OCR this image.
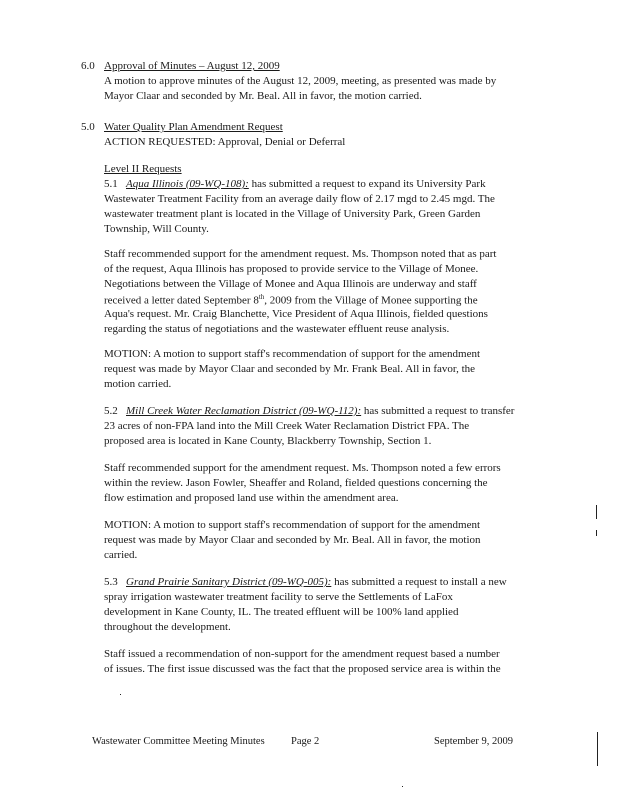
6.0 Approval of Minutes – August 12, 2009
A motion to approve minutes of the August 12, 2009, meeting, as presented was made by
Mayor Claar and seconded by Mr. Beal. All in favor, the motion carried.
5.0 Water Quality Plan Amendment Request
ACTION REQUESTED: Approval, Denial or Deferral
Level II Requests
5.1 Aqua Illinois (09-WQ-108): has submitted a request to expand its University Park
Wastewater Treatment Facility from an average daily flow of 2.17 mgd to 2.45 mgd. The
wastewater treatment plant is located in the Village of University Park, Green Garden
Township, Will County.
Staff recommended support for the amendment request. Ms. Thompson noted that as part
of the request, Aqua Illinois has proposed to provide service to the Village of Monee.
Negotiations between the Village of Monee and Aqua Illinois are underway and staff
received a letter dated September 8th, 2009 from the Village of Monee supporting the
Aqua's request. Mr. Craig Blanchette, Vice President of Aqua Illinois, fielded questions
regarding the status of negotiations and the wastewater effluent reuse analysis.
MOTION: A motion to support staff's recommendation of support for the amendment
request was made by Mayor Claar and seconded by Mr. Frank Beal. All in favor, the
motion carried.
5.2 Mill Creek Water Reclamation District (09-WQ-112): has submitted a request to transfer
23 acres of non-FPA land into the Mill Creek Water Reclamation District FPA. The
proposed area is located in Kane County, Blackberry Township, Section 1.
Staff recommended support for the amendment request. Ms. Thompson noted a few errors
within the review. Jason Fowler, Sheaffer and Roland, fielded questions concerning the
flow estimation and proposed land use within the amendment area.
MOTION: A motion to support staff's recommendation of support for the amendment
request was made by Mayor Claar and seconded by Mr. Beal. All in favor, the motion
carried.
5.3 Grand Prairie Sanitary District (09-WQ-005): has submitted a request to install a new
spray irrigation wastewater treatment facility to serve the Settlements of LaFox
development in Kane County, IL. The treated effluent will be 100% land applied
throughout the development.
Staff issued a recommendation of non-support for the amendment request based a number
of issues. The first issue discussed was the fact that the proposed service area is within the
Wastewater Committee Meeting Minutes	Page 2	September 9, 2009
